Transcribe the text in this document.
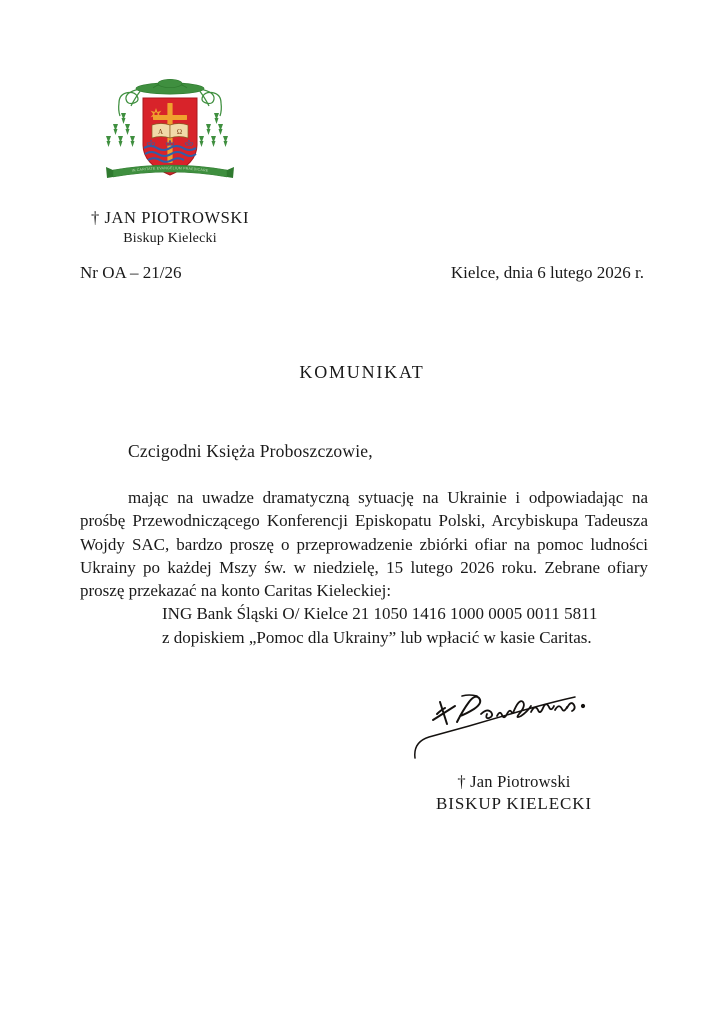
A Ω
IN CARITATE EVANGELIUM PRAEDICARE
† JAN PIOTROWSKI
Biskup Kielecki
Nr OA – 21/26	Kielce, dnia 6 lutego 2026 r.
KOMUNIKAT
Czcigodni Księża Proboszczowie,

mając na uwadze dramatyczną sytuację na Ukrainie i odpowiadając na prośbę Przewodniczącego Konferencji Episkopatu Polski, Arcybiskupa Tadeusza Wojdy SAC, bardzo proszę o przeprowadzenie zbiórki ofiar na pomoc ludności Ukrainy po każdej Mszy św. w niedzielę, 15 lutego 2026 roku. Zebrane ofiary proszę przekazać na konto Caritas Kieleckiej:

ING Bank Śląski O/ Kielce 21 1050 1416 1000 0005 0011 5811

z dopiskiem „Pomoc dla Ukrainy” lub wpłacić w kasie Caritas.

† Jan Piotrowski
BISKUP KIELECKI
